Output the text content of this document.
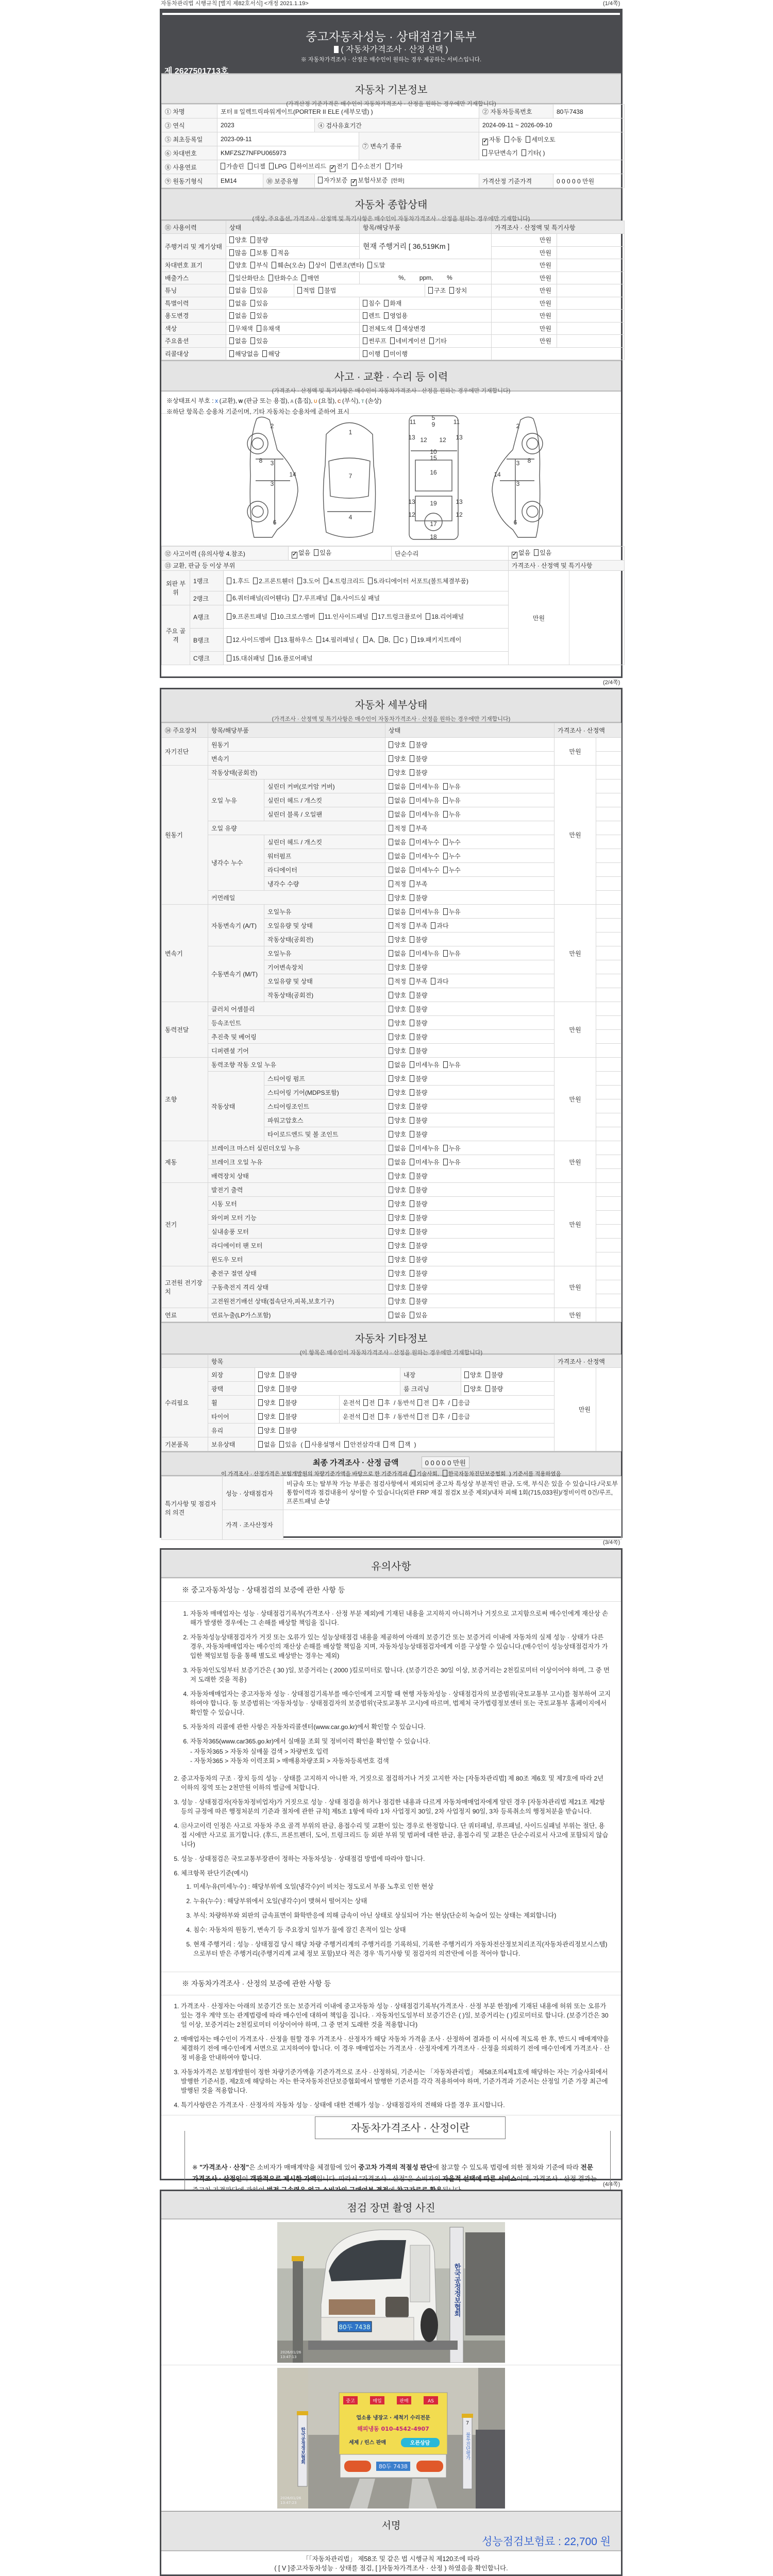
자동차관리법 시행규칙 [별지 제82호서식] <개정 2021.1.19>	(1/4쪽)
(2/4쪽)
(3/4쪽)
(4/4쪽)
중고자동차성능 · 상태점검기록부
( 자동차가격조사 · 산정 선택 )
※ 자동차가격조사 · 산정은 매수인이 원하는 경우 제공하는 서비스입니다.
제 2627501713호
자동차 기본정보
(가격산정 기준가격은 매수인이 자동차가격조사 · 산정을 원하는 경우에만 기재합니다)
① 차명	포터 II 일렉트릭파워게이트(PORTER II ELE (세부모델) )				② 자동차등록번호	80두7438
③ 연식	2023		④ 검사유효기간		2024-09-11 ~ 2026-09-10	
⑤ 최초등록일	2023-09-11			⑦ 변속기 종류	✓ 자동 수동 세미오토
무단변속기 기타( )	

⑥ 차대번호	KMFZSZ7NFPU065973					
⑧ 사용연료	가솔린 디젤 LPG 하이브리드 ✓ 전기 수소전기 기타					
⑨ 원동기형식	EM14	⑩ 보증유형	자가보증 ✓ 보험사보증 [한화]		가격산정 기준가격	0 0 0 0 0 만원
자동차 종합상태
(색상, 주요옵션, 가격조사 · 산정액 및 특기사항은 매수인이 자동차가격조사 · 산정을 원하는 경우에만 기재합니다)
⑪ 사용이력	상태		항목/해당부품		가격조사 · 산정액 및 특기사항	
주행거리 및 계기상태	양호 불량		현재 주행거리 [ 36,519Km ]		만원	
	많음 보통 적음				만원	
차대번호 표기	양호 부식 훼손(오손) 상이 변조(변타) 도말				만원	
배출가스	일산화탄소 탄화수소 매연		%,        ppm,        %		만원	
튜닝	없음 있음	적법 불법		구조 장치	만원	
특별이력	없음 있음		침수 화재		만원	
용도변경	없음 있음		렌트 영업용		만원	
색상	무채색 유채색		전체도색 색상변경		만원	
주요옵션	없음 있음		썬루프 네비게이션 기타		만원	
리콜대상	해당없음 해당		이행 미이행			
사고 · 교환 · 수리 등 이력
(가격조사 · 산정액 및 특기사항은 매수인이 자동차가격조사 · 산정을 원하는 경우에만 기재합니다)
※상태표시 부호 : X (교환), W (판금 또는 용접), A (흠집), U (요철), C (부식), T (손상)
※하단 항목은 승용차 기준이며, 기타 자동차는 승용차에 준하여 표시
2
8 3
3
14
6
1
7
4
5
9
11	11
13	13
12 12
10
15
16
13	13
19
17
12	12
18
2
8
3
3
14
6
⑫ 사고이력 (유의사항 4.참조)			✓ 없음 있음	단순수리	✓ 없음 있음	
⑬ 교환, 판금 등 이상 부위					가격조사 · 산정액 및 특기사항	
외판 부위	1랭크	1.후드 2.프론트휀더 3.도어 4.트렁크리드 5.라디에이터 서포트(볼트체결부품)			만원	
	2랭크	6.쿼터패널(리어휀다) 7.루프패널 8.사이드실 패널				
주요 골격	A랭크	9.프론트패널 10.크로스멤버 11.인사이드패널 17.트렁크플로어 18.리어패널				
	B랭크	12.사이드멤버 13.휠하우스 14.필러패널 ( A, B, C ) 19.패키지트레이				
	C랭크	15.대쉬패널 16.플로어패널				
자동차 세부상태
(가격조사 · 산정액 및 특기사항은 매수인이 자동차가격조사 · 산정을 원하는 경우에만 기재합니다)
⑭ 주요장치	항목/해당부품		상태	가격조사 · 산정액	
자기진단	원동기		양호 불량	만원	
	변속기		양호 불량		
원동기	작동상태(공회전)		양호 불량	만원	
	오일 누유	실린더 커버(로커암 커버)	없음 미세누유 누유		
		실린더 헤드 / 개스킷	없음 미세누유 누유		
		실린더 블록 / 오일팬	없음 미세누유 누유		
	오일 유량		적정 부족		
	냉각수 누수	실린더 헤드 / 개스킷	없음 미세누수 누수		
		워터펌프	없음 미세누수 누수		
		라디에이터	없음 미세누수 누수		
		냉각수 수량	적정 부족		
	커먼레일		양호 불량		
변속기	자동변속기 (A/T)	오일누유	없음 미세누유 누유	만원	
		오일유량 및 상태	적정 부족 과다		
		작동상태(공회전)	양호 불량		
	수동변속기 (M/T)	오일누유	없음 미세누유 누유		
		기어변속장치	양호 불량		
		오일유량 및 상태	적정 부족 과다		
		작동상태(공회전)	양호 불량		
동력전달	클러치 어셈블리		양호 불량	만원	
	등속조인트		양호 불량		
	추진축 및 베어링		양호 불량		
	디퍼렌셜 기어		양호 불량		
조향	동력조향 작동 오일 누유		없음 미세누유 누유	만원	
	작동상태	스티어링 펌프	양호 불량		
		스티어링 기어(MDPS포함)	양호 불량		
		스티어링조인트	양호 불량		
		파워고압호스	양호 불량		
		타이로드엔드 및 볼 조인트	양호 불량		
제동	브레이크 마스터 실린더오일 누유		없음 미세누유 누유	만원	
	브레이크 오일 누유		없음 미세누유 누유		
	배력장치 상태		양호 불량		
전기	발전기 출력		양호 불량	만원	
	시동 모터		양호 불량		
	와이퍼 모터 기능		양호 불량		
	실내송풍 모터		양호 불량		
	라디에이터 팬 모터		양호 불량		
	윈도우 모터		양호 불량		
고전원 전기장치	충전구 절연 상태		양호 불량	만원	
	구동축전지 격리 상태		양호 불량		
	고전원전기배선 상태(접속단자,피복,보호기구)		양호 불량		
연료	연료누출(LP가스포함)		없음 있음	만원	
자동차 기타정보
(이 항목은 매수인이 자동차가격조사 · 산정을 원하는 경우에만 기재합니다)
	항목					가격조사 · 산정액	
수리필요	외장	양호 불량		내장	양호 불량	만원	
	광택	양호 불량		룸 크리닝	양호 불량		
	휠	양호 불량	운전석 전 후 / 동반석 전 후 / 응급				
	타이어	양호 불량	운전석 전 후 / 동반석 전 후 / 응급				
	유리	양호 불량					
기본품목	보유상태	없음 있음 ( 사용설명서 안전삼각대 잭 잭 )					
최종 가격조사 · 산정 금액	0 0 0 0 0 만원
이 가격조사 · 산정가격은 보험개발원의 차량기준가액을 바탕으로 한 기준가격과 ( 기술사회, 한국자동차진단보증협회 ) 기준서를 적용하였음
특기사항 및 점검자의 의견	성능 · 상태점검자	비금속 또는 탈부착 가능 부품은 점검사항에서 제외되며 중고차 특성상 부분적인 판금, 도색, 부식은 있을 수 있습니다./국토부 통합이력과 점검내용이 상이할 수 있습니다(외판 FRP 재질 점검X 보증 제외)/내차 피해 1회(715,033원)/정비이력 0건/루프,프론트패널 손상
	가격 · 조사산정자	
유의사항
※ 중고자동차성능 · 상태점검의 보증에 관한 사항 등
1. 자동차 매매업자는 성능 · 상태점검기록부(가격조사 · 산정 부분 제외)에 기재된 내용을 고지하지 아니하거나 거짓으로 고지함으로써 매수인에게 재산상 손해가 발생한 경우에는 그 손해를 배상할 책임을 집니다.
2. 자동차성능상태점검자가 거짓 또는 오류가 있는 성능상태점검 내용을 제공하여 아래의 보증기간 또는 보증거리 이내에 자동차의 실제 성능 · 상태가 다른 경우, 자동차매매업자는 매수인의 재산상 손해를 배상할 책임을 지며, 자동차성능상태점검자에게 이를 구상할 수 있습니다.(매수인이 성능상태점검자가 가입한 책임보험 등을 통해 별도로 배상받는 경우는 제외)
3. 자동차인도일부터 보증기간은 ( 30 )일, 보증거리는 ( 2000 )킬로미터로 합니다. (보증기간은 30일 이상, 보증거리는 2천킬로미터 이상이어야 하며, 그 중 먼저 도래한 것을 적용)
4. 자동차매매업자는 중고자동차 성능 · 상태점검기록부를 매수인에게 고지할 때 현행 자동차성능 · 상태점검자의 보증범위(국토교통부 고시)를 첨부하여 고지하여야 합니다. 동 보증범위는 '자동차성능 · 상태점검자의 보증범위'(국토교통부 고시)에 따르며, 법제처 국가법령정보센터 또는 국토교통부 홈페이지에서 확인할 수 있습니다.
5. 자동차의 리콜에 관한 사항은 자동차리콜센터(www.car.go.kr)에서 확인할 수 있습니다.
6. 자동차365(www.car365.go.kr)에서 실매물 조회 및 정비이력 확인을 확인할 수 있습니다.
- 자동차365 > 자동차 실매물 검색 > 차량번호 입력
- 자동차365 > 자동차 이력조회 > 매매용차량조회 > 자동차등록번호 검색
2. 중고자동차의 구조 · 장치 등의 성능 · 상태를 고지하지 아니한 자, 거짓으로 점검하거나 거짓 고지한 자는 [자동차관리법] 제 80조 제6호 및 제7호에 따라 2년 이하의 징역 또는 2천만원 이하의 벌금에 처합니다.
3. 성능 · 상태점검자(자동차정비업자)가 거짓으로 성능 · 상태 점검을 하거나 점검한 내용과 다르게 자동차매매업자에게 알린 경우 [자동차관리법 제21조 제2항 등의 규정에 따른 행정처분의 기준과 절차에 관한 규칙] 제5조 1항에 따라 1차 사업정지 30일, 2차 사업정지 90일, 3차 등록취소의 행정처분을 받습니다.
4. ⑫사고이력 인정은 사고로 자동차 주요 골격 부위의 판금, 용접수리 및 교환이 있는 경우로 한정합니다. 단 쿼터패널, 루프패널, 사이드실패널 부위는 절단, 용접 시에만 사고로 표기합니다. (후드, 프론트펜더, 도어, 트렁크리드 등 외판 부위 및 범퍼에 대한 판금, 용접수리 및 교환은 단순수리로서 사고에 포함되지 않습니다)
5. 성능 · 상태점검은 국토교통부장관이 정하는 자동차성능 · 상태점검 방법에 따라야 합니다.
6. 체크항목 판단기준(예시)
1. 미세누유(미세누수) : 해당부위에 오일(냉각수)이 비치는 정도로서 부품 노후로 인한 현상
2. 누유(누수) : 해당부위에서 오일(냉각수)이 맺혀서 떨어지는 상태
3. 부식: 차량하부와 외판의 금속표면이 화학반응에 의해 금속이 아닌 상태로 상실되어 가는 현상(단순히 녹슬어 있는 상태는 제외합니다)
4. 침수: 자동차의 원동기, 변속기 등 주요장치 일부가 물에 잠긴 흔적이 있는 상태
5. 현재 주행거리 : 성능 · 상태점검 당시 해당 차량 주행거리계의 주행거리를 기록하되, 기록한 주행거리가 자동차전산정보처리조직(자동차관리정보시스템)으로부터 받은 주행거리(주행거리계 교체 정보 포함)보다 적은 경우 '특기사항 및 점검자의 의견'란에 이를 적어야 합니다.
※ 자동차가격조사 · 산정의 보증에 관한 사항 등
1. 가격조사 · 산정자는 아래의 보증기간 또는 보증거리 이내에 중고자동차 성능 · 상태점검기록부(가격조사 · 산정 부분 한정)에 기재된 내용에 허위 또는 오류가 있는 경우 계약 또는 관계법령에 따라 매수인에 대하여 책임을 집니다. · 자동차인도일부터 보증기간은 ( )일, 보증거리는 ( )킬로미터로 합니다. (보증기간은 30일 이상, 보증거리는 2천킬로미터 이상이어야 하며, 그 중 먼저 도래한 것을 적용합니다)
2. 매매업자는 매수인이 가격조사 · 산정을 원할 경우 가격조사 · 산정자가 해당 자동차 가격을 조사 · 산정하여 결과를 이 서식에 적도록 한 후, 반드시 매매계약을 체결하기 전에 매수인에게 서면으로 고지하여야 합니다. 이 경우 매매업자는 가격조사 · 산정자에게 가격조사 · 산정을 의뢰하기 전에 매수인에게 가격조사 · 산정 비용을 안내하여야 합니다.
3. 자동차가격은 보험개발원이 정한 차량기준가액을 기준가격으로 조사 · 산정하되, 기준서는 「자동차관리법」 제58조의4제1호에 해당하는 자는 기술사회에서 발행한 기준서를, 제2호에 해당하는 자는 한국자동차진단보증협회에서 발행한 기준서를 각각 적용하여야 하며, 기준가격과 기준서는 산정일 기준 가장 최근에 발행된 것을 적용합니다.
4. 특기사항란은 가격조사 · 산정자의 자동차 성능 · 상태에 대한 견해가 성능 · 상태점검자의 견해와 다를 경우 표시합니다.
자동차가격조사 · 산정이란
※ "가격조사 · 산정"은 소비자가 매매계약을 체결함에 있어 중고차 가격의 적절성 판단에 참고할 수 있도록 법령에 의한 절차와 기준에 따라 전문 가격조사 · 산정인이 객관적으로 제시한 가액입니다. 따라서 "가격조사 · 산정"은 소비자의 자율적 선택에 따른 서비스이며, 가격조사 · 산정 결과는
점검 장면 촬영 사진
한국공정정보협회
80두 7438
2026/01/26
13:47:13
한국공정정보협회
7
블루진단평가
중고	매입	판매	AS
업소용 냉장고 · 세척기 수리전문
해피냉동 010-4542-4907
세제 / 린스 판매	오픈상담
80두 7438
2026/01/26
13:47:23
서명
성능점검보험료 : 22,700 원
「「자동차관리법」 제58조 및 같은 법 시행규칙 제120조에 따라
( [ V ]중고자동차성능 · 상태를 점검, [ ]자동차가격조사 · 산정 ) 하였음을 확인합니다.
